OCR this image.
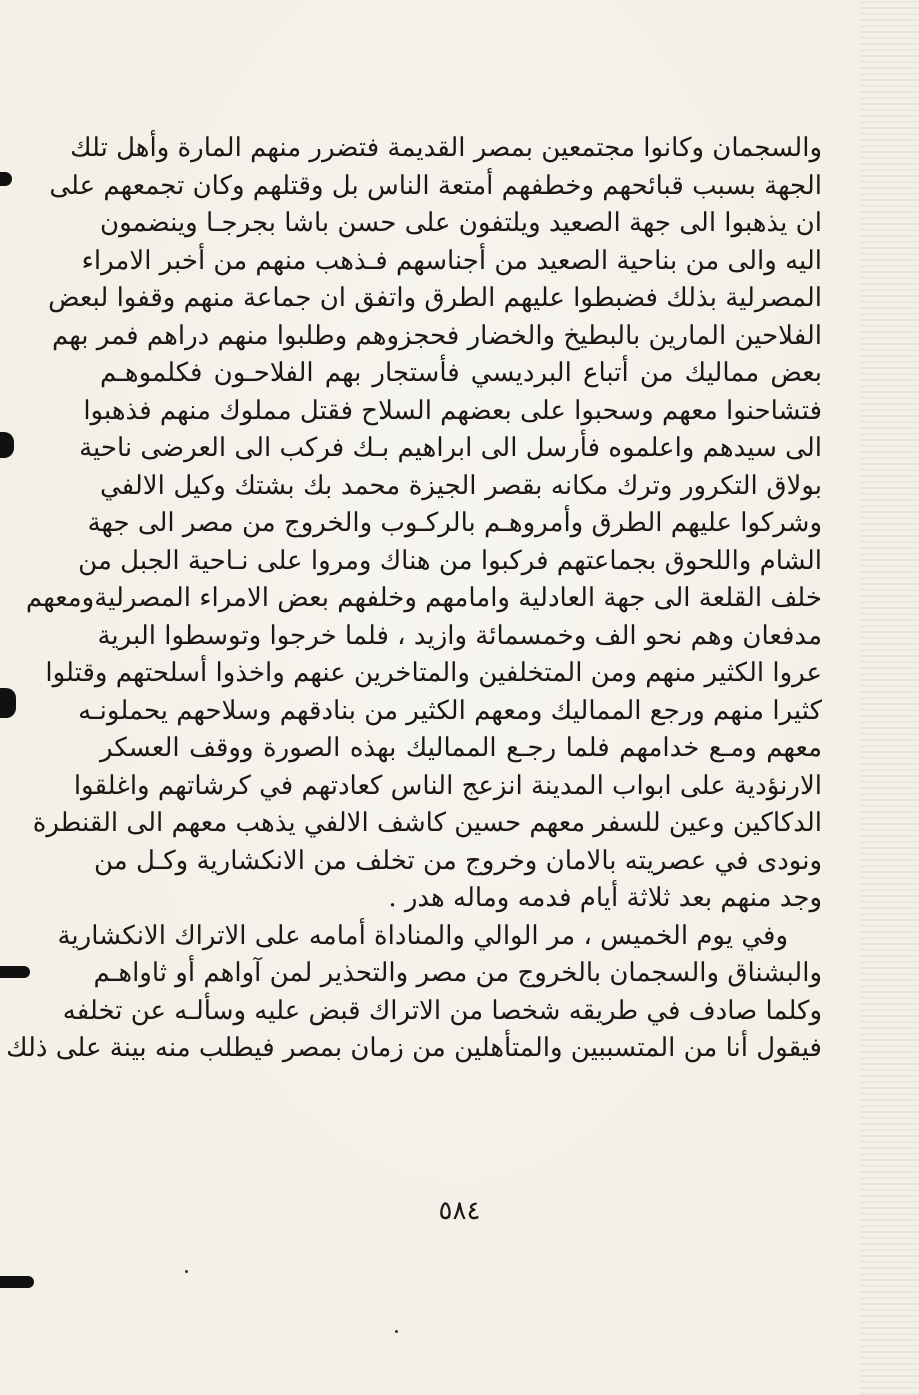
والسجمان وكانوا مجتمعين بمصر القديمة فتضرر منهم المارة وأهل تلك
الجهة بسبب قبائحهم وخطفهم أمتعة الناس بل وقتلهم وكان تجمعهم على
ان يذهبوا الى جهة الصعيد ويلتفون على حسن باشا بجرجـا وينضمون
اليه والى من بناحية الصعيد من أجناسهم فـذهب منهم من أخبر الامراء
المصرلية بذلك فضبطوا عليهم الطرق واتفق ان جماعة منهم وقفوا لبعض
الفلاحين المارين بالبطيخ والخضار فحجزوهم وطلبوا منهم دراهم فمر بهم
بعض مماليك من أتباع البرديسي فأستجار بهم الفلاحـون فكلموهـم
فتشاحنوا معهم وسحبوا على بعضهم السلاح فقتل مملوك منهم فذهبوا
الى سيدهم واعلموه فأرسل الى ابراهيم بـك فركب الى العرضى ناحية
بولاق التكرور وترك مكانه بقصر الجيزة محمد بك بشتك وكيل الالفي
وشركوا عليهم الطرق وأمروهـم بالركـوب والخروج من مصر الى جهة
الشام واللحوق بجماعتهم فركبوا من هناك ومروا على نـاحية الجبل من
خلف القلعة الى جهة العادلية وامامهم وخلفهم بعض الامراء المصرليةومعهم
مدفعان وهم نحو الف وخمسمائة وازيد ، فلما خرجوا وتوسطوا البرية
عروا الكثير منهم ومن المتخلفين والمتاخرين عنهم واخذوا أسلحتهم وقتلوا
كثيرا منهم ورجع المماليك ومعهم الكثير من بنادقهم وسلاحهم يحملونـه
معهم ومـع خدامهم فلما رجـع المماليك بهذه الصورة ووقف العسكر
الارنؤدية على ابواب المدينة انزعج الناس كعادتهم في كرشاتهم واغلقوا
الدكاكين وعين للسفر معهم حسين كاشف الالفي يذهب معهم الى القنطرة
ونودى في عصريته بالامان وخروج من تخلف من الانكشارية وكـل من
وجد منهم بعد ثلاثة أيام فدمه وماله هدر .
وفي يوم الخميس ، مر الوالي والمناداة أمامه على الاتراك الانكشارية
والبشناق والسجمان بالخروج من مصر والتحذير لمن آواهم أو ثاواهـم
وكلما صادف في طريقه شخصا من الاتراك قبض عليه وسألـه عن تخلفه
فيقول أنا من المتسببين والمتأهلين من زمان بمصر فيطلب منه بينة على ذلك
٥٨٤
